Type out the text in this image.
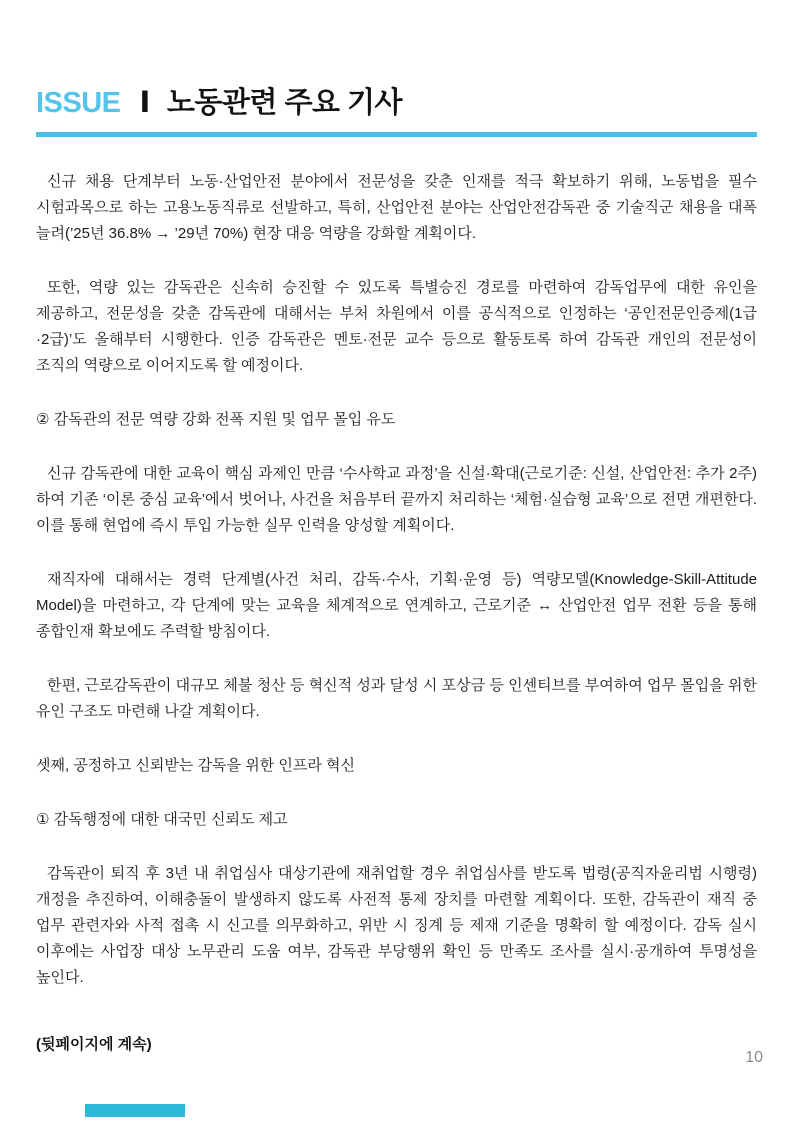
ISSUE Ⅰ 노동관련 주요 기사

신규 채용 단계부터 노동·산업안전 분야에서 전문성을 갖춘 인재를 적극 확보하기 위해, 노동법을 필수 시험과목으로 하는 고용노동직류로 선발하고, 특히, 산업안전 분야는 산업안전감독관 중 기술직군 채용을 대폭 늘려(’25년 36.8% → ’29년 70%) 현장 대응 역량을 강화할 계획이다.

또한, 역량 있는 감독관은 신속히 승진할 수 있도록 특별승진 경로를 마련하여 감독업무에 대한 유인을 제공하고, 전문성을 갖춘 감독관에 대해서는 부처 차원에서 이를 공식적으로 인정하는 ‘공인전문인증제(1급·2급)’도 올해부터 시행한다. 인증 감독관은 멘토·전문 교수 등으로 활동토록 하여 감독관 개인의 전문성이 조직의 역량으로 이어지도록 할 예정이다.

② 감독관의 전문 역량 강화 전폭 지원 및 업무 몰입 유도

신규 감독관에 대한 교육이 핵심 과제인 만큼 ‘수사학교 과정’을 신설·확대(근로기준: 신설, 산업안전: 추가 2주)하여 기존 ‘이론 중심 교육’에서 벗어나, 사건을 처음부터 끝까지 처리하는 ‘체험·실습형 교육’으로 전면 개편한다. 이를 통해 현업에 즉시 투입 가능한 실무 인력을 양성할 계획이다.

재직자에 대해서는 경력 단계별(사건 처리, 감독·수사, 기획·운영 등) 역량모델(Knowledge-Skill-Attitude Model)을 마련하고, 각 단계에 맞는 교육을 체계적으로 연계하고, 근로기준 ↔ 산업안전 업무 전환 등을 통해 종합인재 확보에도 주력할 방침이다.

한편, 근로감독관이 대규모 체불 청산 등 혁신적 성과 달성 시 포상금 등 인센티브를 부여하여 업무 몰입을 위한 유인 구조도 마련해 나갈 계획이다.

셋째, 공정하고 신뢰받는 감독을 위한 인프라 혁신

① 감독행정에 대한 대국민 신뢰도 제고

감독관이 퇴직 후 3년 내 취업심사 대상기관에 재취업할 경우 취업심사를 받도록 법령(공직자윤리법 시행령) 개정을 추진하여, 이해충돌이 발생하지 않도록 사전적 통제 장치를 마련할 계획이다. 또한, 감독관이 재직 중 업무 관련자와 사적 접촉 시 신고를 의무화하고, 위반 시 징계 등 제재 기준을 명확히 할 예정이다. 감독 실시 이후에는 사업장 대상 노무관리 도움 여부, 감독관 부당행위 확인 등 만족도 조사를 실시·공개하여 투명성을 높인다.

(뒷페이지에 계속)
10
